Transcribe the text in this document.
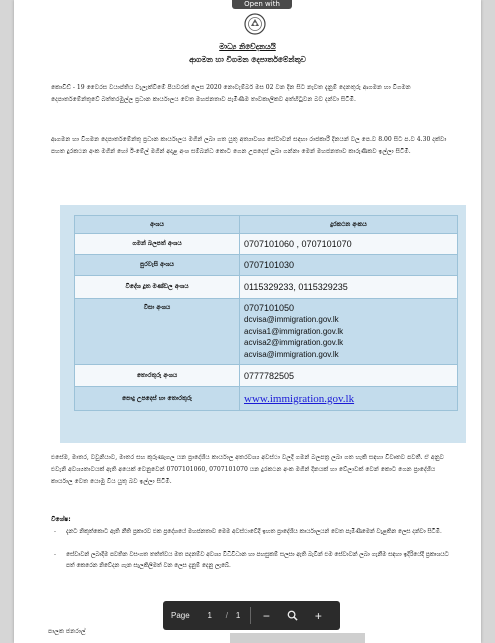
Open with
මාධ්‍ය නිවේදනයයි
ආගමන හා විගමන දෙපාර්තමේන්තුව
කොවිඩ් - 19 වෛරස වයාප්තිය වැලැක්වීමේ පියවරක් ලෙස 2020 නොවැම්බර් මස 02 වන දින සිට නැවත දැනුම් දෙනතුරු ආගමන හා විගමන දෙපාර්තමේන්තුවේ බත්තරමුල්ල ප්‍රධාන කාර්යාලය වෙත මහජනතාව පැමිණීම තාවකාලිකව අත්හිටුවන බව දන්වා සිටිමි.
ආගමන හා විගමන දෙපාර්තමේන්තු ප්‍රධාන කාර්යාලය මගින් ලබා ගත යුතු අත්‍යාවශ්‍ය සේවාවන් සඳහා රාජකාරී දිනයන් වල පෙ.ව 8.00 සිට ප.ව 4.30 දක්වා පහත දුරකථන අංක මගින් හෝ ඊ-මේල් මගින් අදාළ අංශ සම්බන්ධ කොට ගෙන උපදෙස් ලබා ගන්නා මෙන් මහජනතාව කාරුණිකව ඉල්ලා සිටිමි.
අංශය	දුරකථන අංකය
ගමන් බලපත් අංශය	0707101060 , 0707101070
පුරවැසි අංශය	0707101030
විදේශ දූත මණ්ඩල අංශය	0115329233, 0115329235
වීසා අංශය	0707101050
dcvisa@immigration.gov.lk
acvisa1@immigration.gov.lk
acvisa2@immigration.gov.lk
acvisa@immigration.gov.lk

තොරතුරු අංශය	0777782505
පොදු උපදෙස් හා තොරතුරු	www.immigration.gov.lk
එසේම, මාතර, වවුනියාව, මාතර සහ කුරුණෑගල යන ප්‍රාදේශීය කාර්යාල අතරවශ්‍ය අවස්ථා වලදී ගමන් බලපත්‍ර ලබා ගත හැකි සඳහා විවෘතව පවතී. ඒ අනුව එවැනි අවශ්‍යතාවයක් ඇති අයෙක් වෙනුවෙන් 0707101060, 0707101070 යන දුරකථන අංක මගින් දිනයක් හා වේලාවක් වෙන් කොට ගෙන ප්‍රාදේශීය කාර්යාල වෙත යොමු විය යුතු බව ඉල්ලා සිටිමි.
විශේෂ:
- දැනට නිකුත්කොට ඇති නීති ප්‍රකාරව එක ප්‍රදේශයේ මහජනතාව මෙම අවස්ථාවේදී ඉහත ප්‍රාදේශීය කාර්යාලයන් වෙත පැමිණීමෙන් වැළකින ලෙස දන්වා සිටිමි.
- සේවාවන් ලබාදීම පවතින වසංගත තත්ත්වය මත පදනම්ව අවශ්‍ය විධිවිධාන හා පහසුකම් සලසා ඇති බැවින් එම සේවාවන් ලබා ගැනීම සඳහා ඉදිරියේදී ප්‍රකාශයට පත් කෙරෙන නිවේදන ගැන සැලකිලිමත් වන ලෙස දැනුම් දෙනු ලැබේ.
පාලක ජනරාල්
Page	1	/ 1	−	+
